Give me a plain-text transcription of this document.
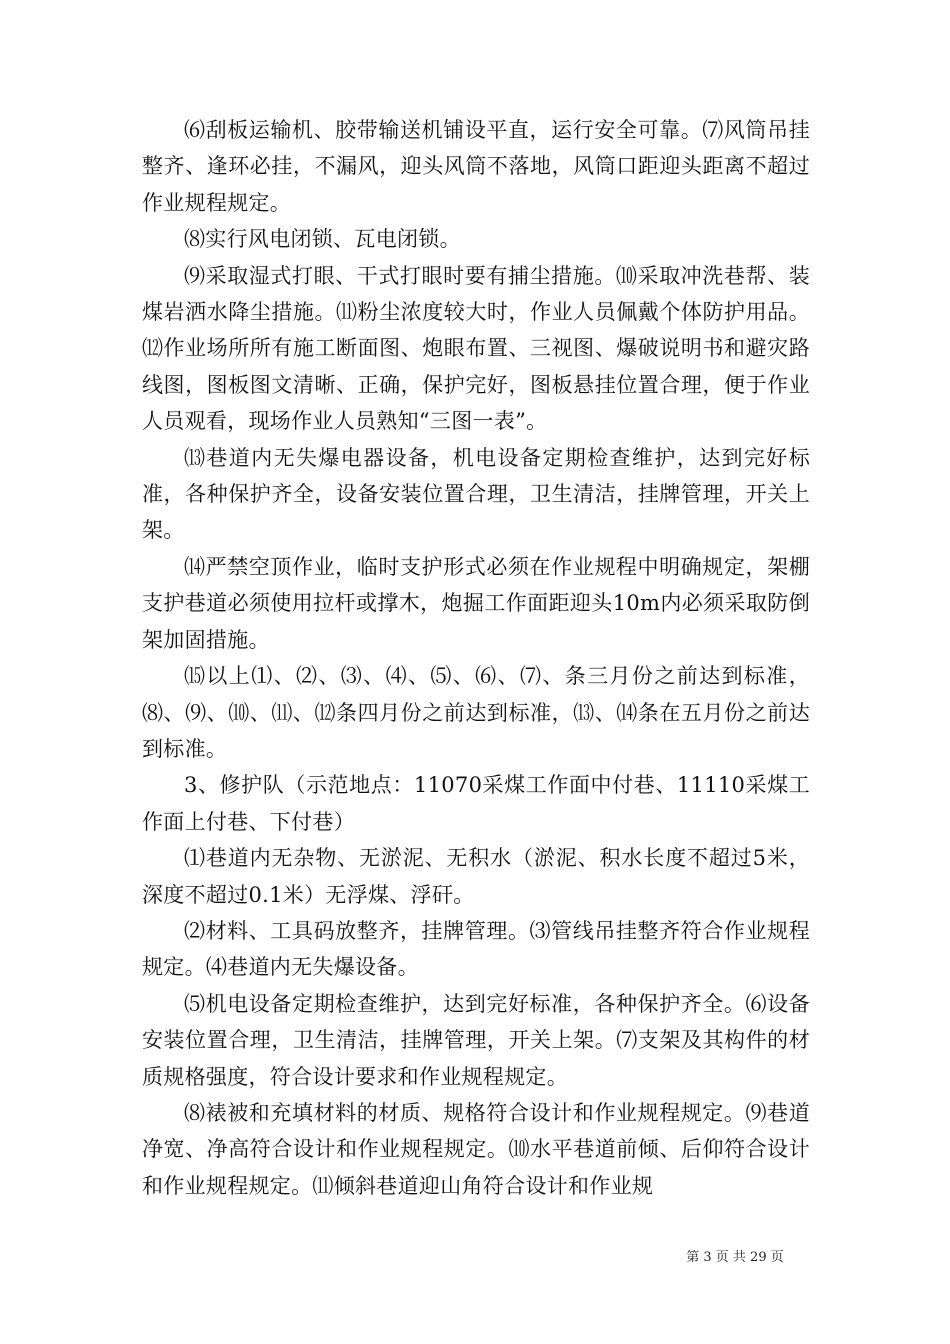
⑹刮板运输机、胶带输送机铺设平直，运行安全可靠。⑺风筒吊挂整齐、逢环必挂，不漏风，迎头风筒不落地，风筒口距迎头距离不超过作业规程规定。

⑻实行风电闭锁、瓦电闭锁。

⑼采取湿式打眼、干式打眼时要有捕尘措施。⑽采取冲洗巷帮、装煤岩洒水降尘措施。⑾粉尘浓度较大时，作业人员佩戴个体防护用品。⑿作业场所所有施工断面图、炮眼布置、三视图、爆破说明书和避灾路线图，图板图文清晰、正确，保护完好，图板悬挂位置合理，便于作业人员观看，现场作业人员熟知“三图一表”。

⒀巷道内无失爆电器设备，机电设备定期检查维护，达到完好标准，各种保护齐全，设备安装位置合理，卫生清洁，挂牌管理，开关上架。

⒁严禁空顶作业，临时支护形式必须在作业规程中明确规定，架棚支护巷道必须使用拉杆或撑木，炮掘工作面距迎头10m内必须采取防倒架加固措施。

⒂以上⑴、⑵、⑶、⑷、⑸、⑹、⑺、条三月份之前达到标准，⑻、⑼、⑽、⑾、⑿条四月份之前达到标准，⒀、⒁条在五月份之前达到标准。

3、修护队（示范地点：11070采煤工作面中付巷、11110采煤工作面上付巷、下付巷）

⑴巷道内无杂物、无淤泥、无积水（淤泥、积水长度不超过5米，深度不超过0.1米）无浮煤、浮矸。

⑵材料、工具码放整齐，挂牌管理。⑶管线吊挂整齐符合作业规程规定。⑷巷道内无失爆设备。

⑸机电设备定期检查维护，达到完好标准，各种保护齐全。⑹设备安装位置合理，卫生清洁，挂牌管理，开关上架。⑺支架及其构件的材质规格强度，符合设计要求和作业规程规定。

⑻裱被和充填材料的材质、规格符合设计和作业规程规定。⑼巷道净宽、净高符合设计和作业规程规定。⑽水平巷道前倾、后仰符合设计和作业规程规定。⑾倾斜巷道迎山角符合设计和作业规

第 3 页 共 29 页
